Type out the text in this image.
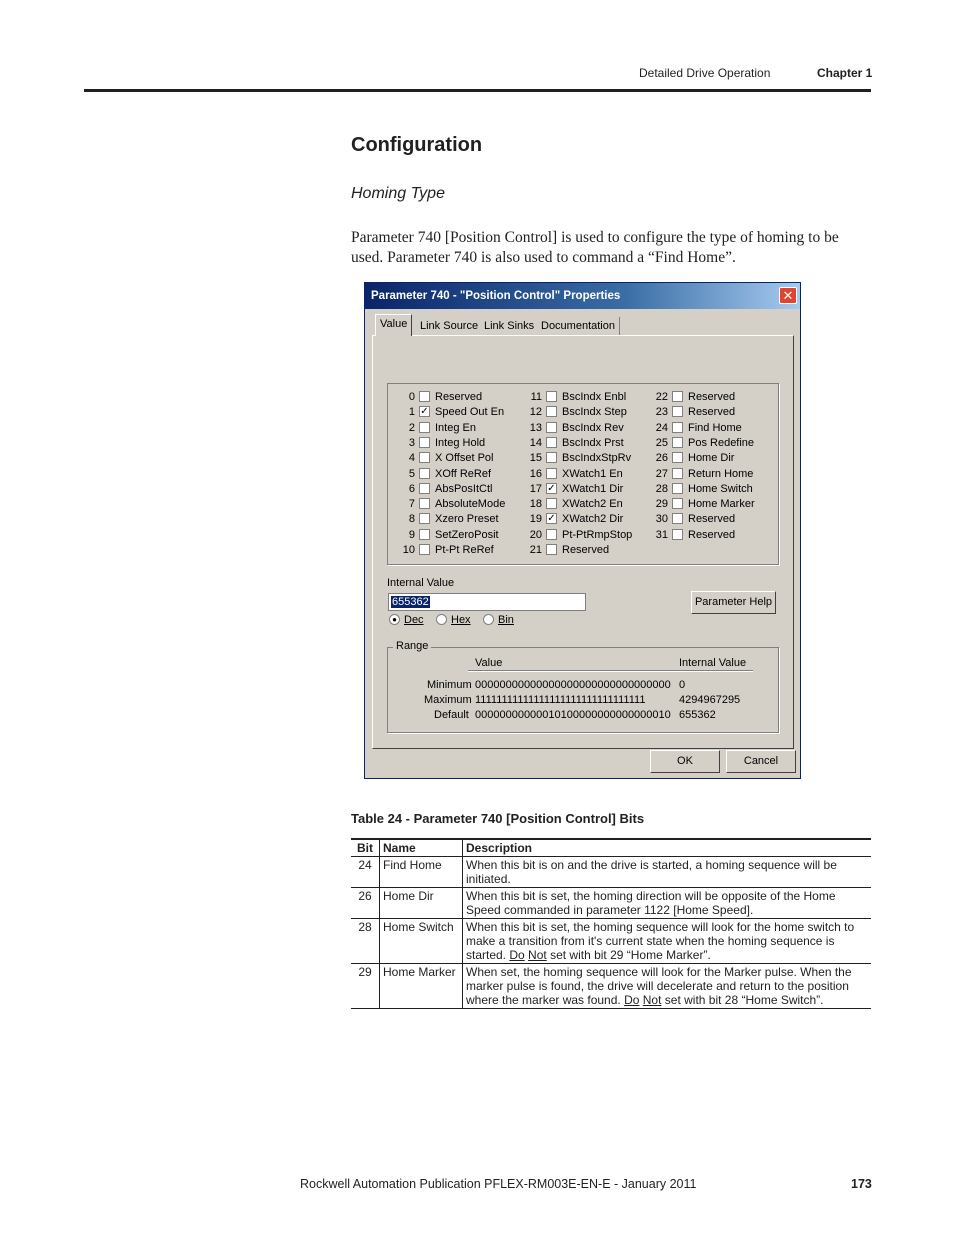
Detailed Drive Operation	Chapter 1
Configuration
Homing Type
Parameter 740 [Position Control] is used to configure the type of homing to be used. Parameter 740 is also used to command a “Find Home”.
Parameter 740 - "Position Control" Properties	✕
Value	Link Source Link Sinks Documentation
0 Reserved
1 ✓ Speed Out En
2 Integ En
3 Integ Hold
4 X Offset Pol
5 XOff ReRef
6 AbsPosItCtl
7 AbsoluteMode
8 Xzero Preset
9 SetZeroPosit
10 Pt-Pt ReRef
11 BscIndx Enbl
12 BscIndx Step
13 BscIndx Rev
14 BscIndx Prst
15 BscIndxStpRv
16 XWatch1 En
17 ✓ XWatch1 Dir
18 XWatch2 En
19 ✓ XWatch2 Dir
20 Pt-PtRmpStop
21 Reserved
22 Reserved
23 Reserved
24 Find Home
25 Pos Redefine
26 Home Dir
27 Return Home
28 Home Switch
29 Home Marker
30 Reserved
31 Reserved
Internal Value
655362	Parameter Help
● Dec Hex Bin
Range
Value	Internal Value
Minimum 00000000000000000000000000000000 0
Maximum 11111111111111111111111111111111	4294967295
Default 00000000000010100000000000000010 655362
OK	Cancel
Table 24 - Parameter 740 [Position Control] Bits
Bit	Name	Description
24	Find Home	When this bit is on and the drive is started, a homing sequence will be initiated.
26	Home Dir	When this bit is set, the homing direction will be opposite of the Home Speed commanded in parameter 1122 [Home Speed].
28	Home Switch	When this bit is set, the homing sequence will look for the home switch to make a transition from it's current state when the homing sequence is started. Do Not set with bit 29 “Home Marker”.
29	Home Marker	When set, the homing sequence will look for the Marker pulse. When the marker pulse is found, the drive will decelerate and return to the position where the marker was found. Do Not set with bit 28 “Home Switch”.
Rockwell Automation Publication PFLEX-RM003E-EN-E - January 2011	173
